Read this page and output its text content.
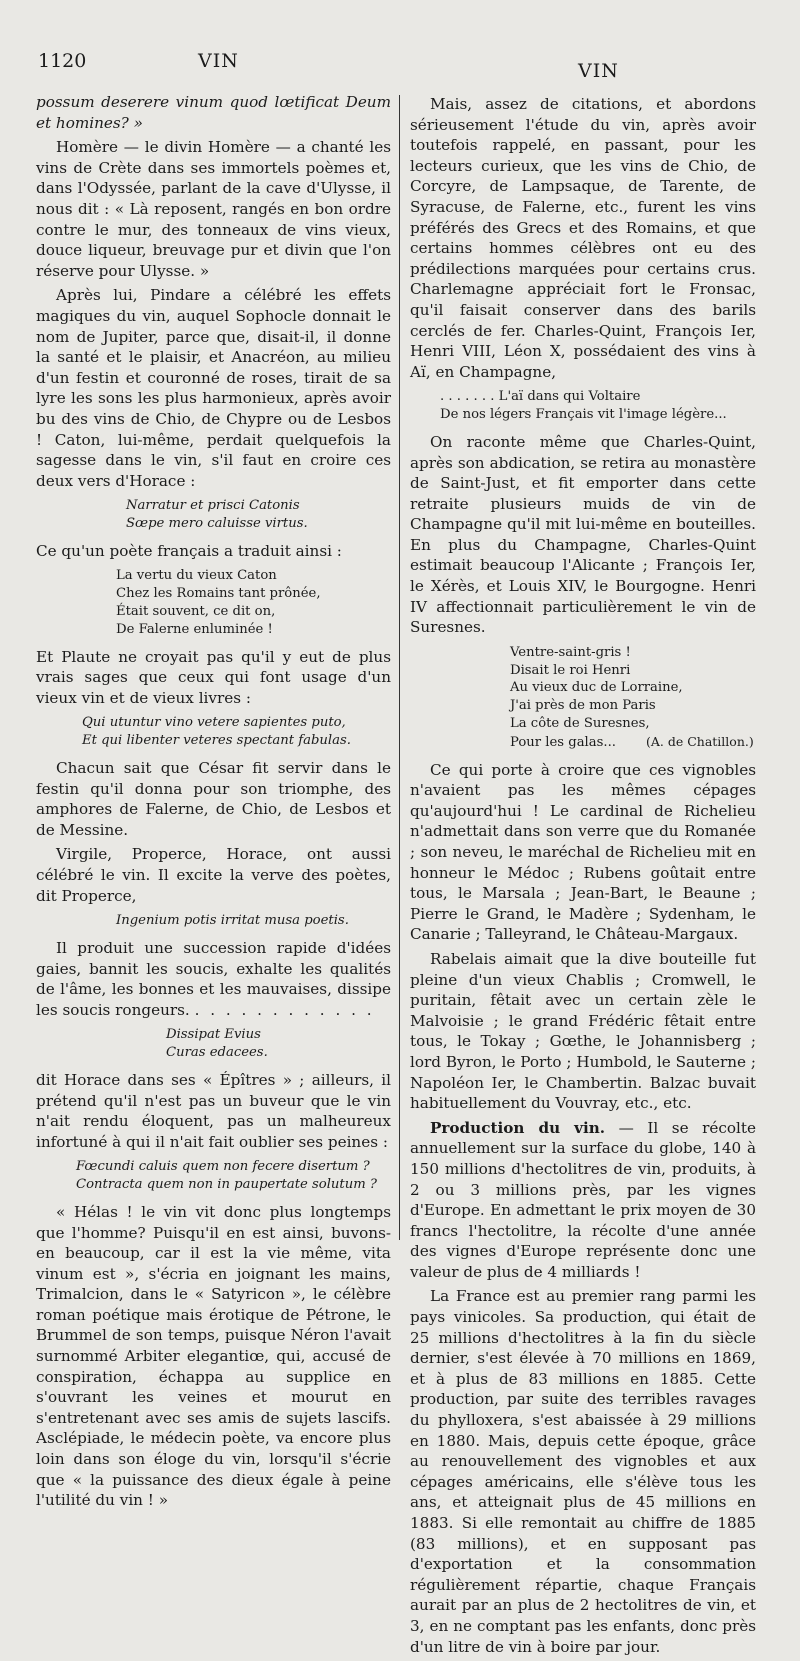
1120	VIN	VIN

possum deserere vinum quod lœtificat Deum et homines? »

Homère — le divin Homère — a chanté les vins de Crète dans ses immortels poèmes et, dans l'Odyssée, parlant de la cave d'Ulysse, il nous dit : « Là reposent, rangés en bon ordre contre le mur, des tonneaux de vins vieux, douce liqueur, breuvage pur et divin que l'on réserve pour Ulysse. »

Après lui, Pindare a célébré les effets magiques du vin, auquel Sophocle donnait le nom de Jupiter, parce que, disait-il, il donne la santé et le plaisir, et Anacréon, au milieu d'un festin et couronné de roses, tirait de sa lyre les sons les plus harmonieux, après avoir bu des vins de Chio, de Chypre ou de Lesbos ! Caton, lui-même, perdait quelquefois la sagesse dans le vin, s'il faut en croire ces deux vers d'Horace :

Narratur et prisci Catonis
Sœpe mero caluisse virtus.

Ce qu'un poète français a traduit ainsi :

La vertu du vieux Caton
Chez les Romains tant prônée,
Était souvent, ce dit on,
De Falerne enluminée !

Et Plaute ne croyait pas qu'il y eut de plus vrais sages que ceux qui font usage d'un vieux vin et de vieux livres :

Qui utuntur vino vetere sapientes puto,
Et qui libenter veteres spectant fabulas.

Chacun sait que César fit servir dans le festin qu'il donna pour son triomphe, des amphores de Falerne, de Chio, de Lesbos et de Messine.

Virgile, Properce, Horace, ont aussi célébré le vin. Il excite la verve des poètes, dit Properce,

Ingenium potis irritat musa poetis.

Il produit une succession rapide d'idées gaies, bannit les soucis, exhalte les qualités de l'âme, les bonnes et les mauvaises, dissipe les soucis rongeurs. . . . . . . . . . . . .

Dissipat Evius
Curas edacees.

dit Horace dans ses « Épîtres » ; ailleurs, il prétend qu'il n'est pas un buveur que le vin n'ait rendu éloquent, pas un malheureux infortuné à qui il n'ait fait oublier ses peines :

Fœcundi caluis quem non fecere disertum ?
Contracta quem non in paupertate solutum ?

« Hélas ! le vin vit donc plus longtemps que l'homme? Puisqu'il en est ainsi, buvons-en beaucoup, car il est la vie même, vita vinum est », s'écria en joignant les mains, Trimalcion, dans le « Satyricon », le célèbre roman poétique mais érotique de Pétrone, le Brummel de son temps, puisque Néron l'avait surnommé Arbiter elegantiœ, qui, accusé de conspiration, échappa au supplice en s'ouvrant les veines et mourut en s'entretenant avec ses amis de sujets lascifs. Asclépiade, le médecin poète, va encore plus loin dans son éloge du vin, lorsqu'il s'écrie que « la puissance des dieux égale à peine l'utilité du vin ! »

Mais, assez de citations, et abordons sérieusement l'étude du vin, après avoir toutefois rappelé, en passant, pour les lecteurs curieux, que les vins de Chio, de Corcyre, de Lampsaque, de Tarente, de Syracuse, de Falerne, etc., furent les vins préférés des Grecs et des Romains, et que certains hommes célèbres ont eu des prédilections marquées pour certains crus. Charlemagne appréciait fort le Fronsac, qu'il faisait conserver dans des barils cerclés de fer. Charles-Quint, François Ier, Henri VIII, Léon X, possédaient des vins à Aï, en Champagne,

. . . . . . . L'aï dans qui Voltaire
De nos légers Français vit l'image légère...

On raconte même que Charles-Quint, après son abdication, se retira au monastère de Saint-Just, et fit emporter dans cette retraite plusieurs muids de vin de Champagne qu'il mit lui-même en bouteilles. En plus du Champagne, Charles-Quint estimait beaucoup l'Alicante ; François Ier, le Xérès, et Louis XIV, le Bourgogne. Henri IV affectionnait particulièrement le vin de Suresnes.

Ventre-saint-gris !
Disait le roi Henri
Au vieux duc de Lorraine,
J'ai près de mon Paris
La côte de Suresnes,
Pour les galas... (A. de Chatillon.)

Ce qui porte à croire que ces vignobles n'avaient pas les mêmes cépages qu'aujourd'hui ! Le cardinal de Richelieu n'admettait dans son verre que du Romanée ; son neveu, le maréchal de Richelieu mit en honneur le Médoc ; Rubens goûtait entre tous, le Marsala ; Jean-Bart, le Beaune ; Pierre le Grand, le Madère ; Sydenham, le Canarie ; Talleyrand, le Château-Margaux.

Rabelais aimait que la dive bouteille fut pleine d'un vieux Chablis ; Cromwell, le puritain, fêtait avec un certain zèle le Malvoisie ; le grand Frédéric fêtait entre tous, le Tokay ; Gœthe, le Johannisberg ; lord Byron, le Porto ; Humbold, le Sauterne ; Napoléon Ier, le Chambertin. Balzac buvait habituellement du Vouvray, etc., etc.

Production du vin. — Il se récolte annuellement sur la surface du globe, 140 à 150 millions d'hectolitres de vin, produits, à 2 ou 3 millions près, par les vignes d'Europe. En admettant le prix moyen de 30 francs l'hectolitre, la récolte d'une année des vignes d'Europe représente donc une valeur de plus de 4 milliards !

La France est au premier rang parmi les pays vinicoles. Sa production, qui était de 25 millions d'hectolitres à la fin du siècle dernier, s'est élevée à 70 millions en 1869, et à plus de 83 millions en 1885. Cette production, par suite des terribles ravages du phylloxera, s'est abaissée à 29 millions en 1880. Mais, depuis cette époque, grâce au renouvellement des vignobles et aux cépages américains, elle s'élève tous les ans, et atteignait plus de 45 millions en 1883. Si elle remontait au chiffre de 1885 (83 millions), et en supposant pas d'exportation et la consommation régulièrement répartie, chaque Français aurait par an plus de 2 hectolitres de vin, et 3, en ne comptant pas les enfants, donc près d'un litre de vin à boire par jour.
